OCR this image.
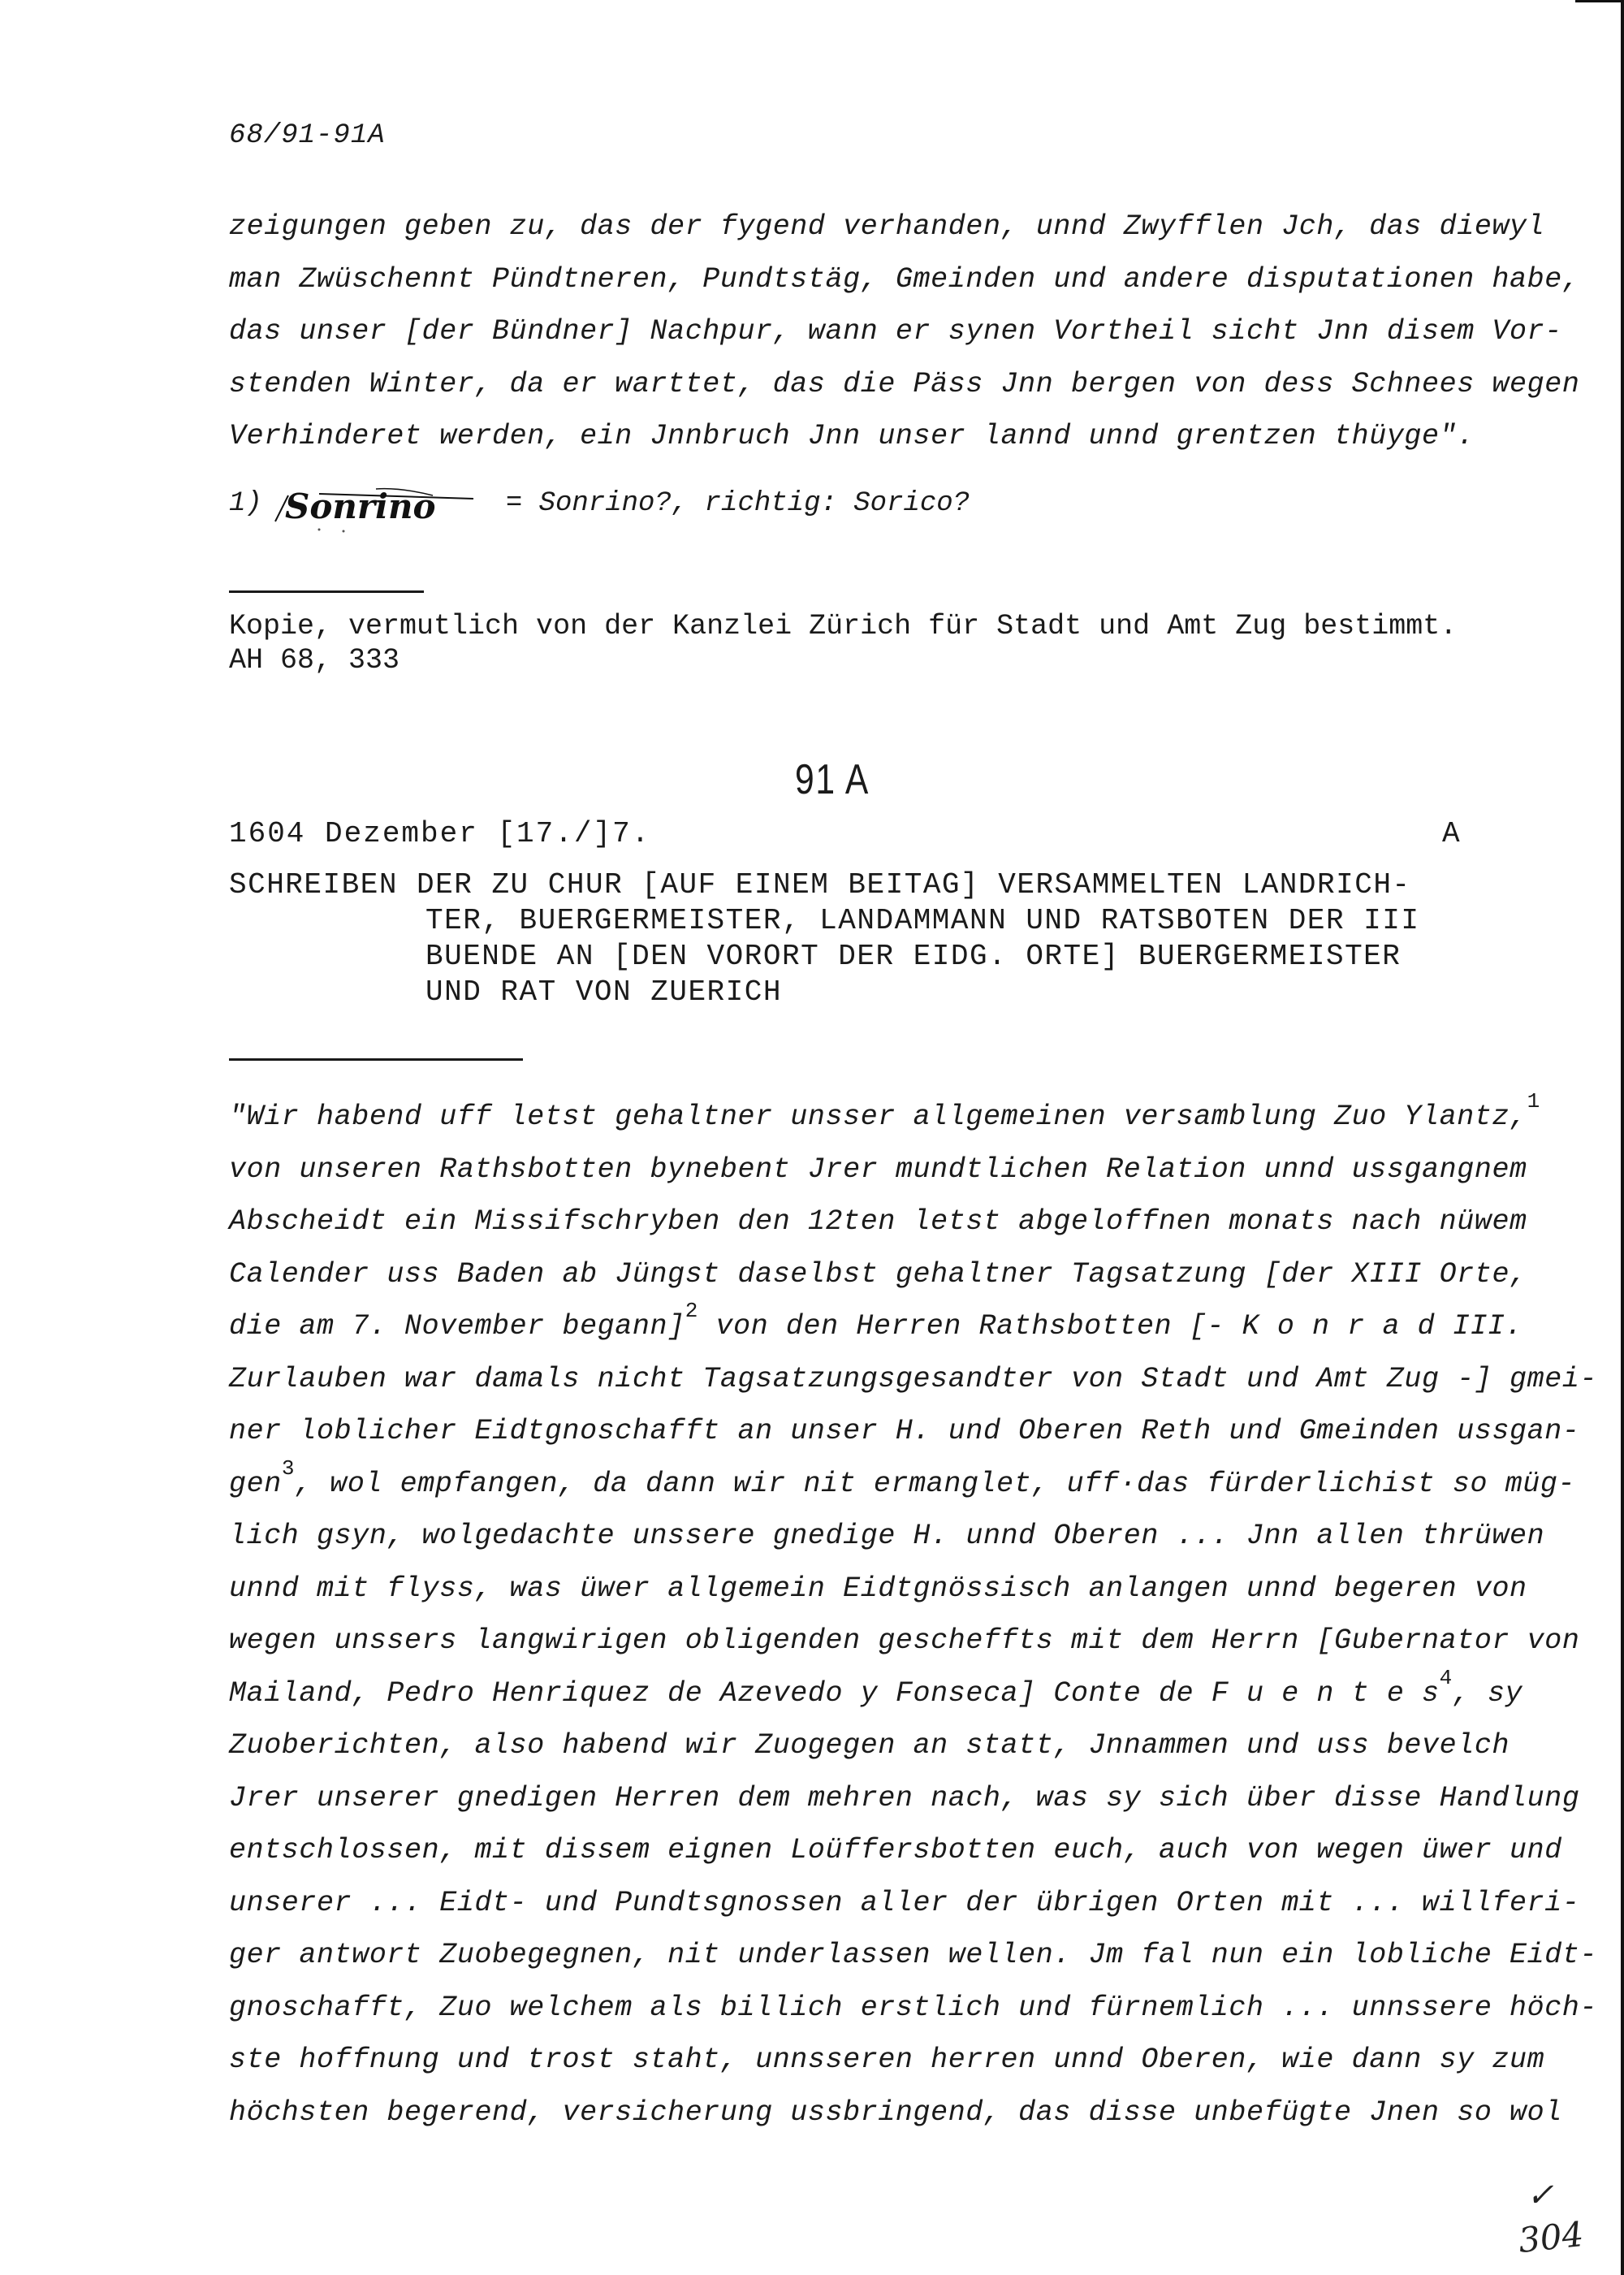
68/91-91A
zeigungen geben zu, das der fygend verhanden, unnd Zwyfflen Jch, das diewyl
man Zwüschennt Pündtneren, Pundtstäg, Gmeinden und andere disputationen habe,
das unser [der Bündner] Nachpur, wann er synen Vortheil sicht Jnn disem Vor-
stenden Winter, da er warttet, das die Päss Jnn bergen von dess Schnees wegen
Verhinderet werden, ein Jnnbruch Jnn unser lannd unnd grentzen thüyge".
1) Sonrino	= Sonrino?, richtig: Sorico?
Kopie, vermutlich von der Kanzlei Zürich für Stadt und Amt Zug bestimmt.
AH 68, 333
91 A
1604 Dezember [17./]7.	A
SCHREIBEN DER ZU CHUR [AUF EINEM BEITAG] VERSAMMELTEN LANDRICH-
TER, BUERGERMEISTER, LANDAMMANN UND RATSBOTEN DER III
BUENDE AN [DEN VORORT DER EIDG. ORTE] BUERGERMEISTER
UND RAT VON ZUERICH
"Wir habend uff letst gehaltner unsser allgemeinen versamblung Zuo Ylantz,$^1$
von unseren Rathsbotten bynebent Jrer mundtlichen Relation unnd ussgangnem
Abscheidt ein Missifschryben den 12ten letst abgeloffnen monats nach nüwem
Calender uss Baden ab Jüngst daselbst gehaltner Tagsatzung [der XIII Orte,
die am 7. November begann]$^2$ von den Herren Rathsbotten [- K o n r a d III.
Zurlauben war damals nicht Tagsatzungsgesandter von Stadt und Amt Zug -] gmei-
ner loblicher Eidtgnoschafft an unser H. und Oberen Reth und Gmeinden ussgan-
gen$^3$, wol empfangen, da dann wir nit ermanglet, uff·das fürderlichist so müg-
lich gsyn, wolgedachte unssere gnedige H. unnd Oberen ... Jnn allen thrüwen
unnd mit flyss, was üwer allgemein Eidtgnössisch anlangen unnd begeren von
wegen unssers langwirigen obligenden gescheffts mit dem Herrn [Gubernator von
Mailand, Pedro Henriquez de Azevedo y Fonseca] Conte de F u e n t e s$^4$, sy
Zuoberichten, also habend wir Zuogegen an statt, Jnnammen und uss bevelch
Jrer unserer gnedigen Herren dem mehren nach, was sy sich über disse Handlung
entschlossen, mit dissem eignen Loüffersbotten euch, auch von wegen üwer und
unserer ... Eidt- und Pundtsgnossen aller der übrigen Orten mit ... willferi-
ger antwort Zuobegegnen, nit underlassen wellen. Jm fal nun ein lobliche Eidt-
gnoschafft, Zuo welchem als billich erstlich und fürnemlich ... unnssere höch-
ste hoffnung und trost staht, unnsseren herren unnd Oberen, wie dann sy zum
höchsten begerend, versicherung ussbringend, das disse unbefügte Jnen so wol
✓
304
